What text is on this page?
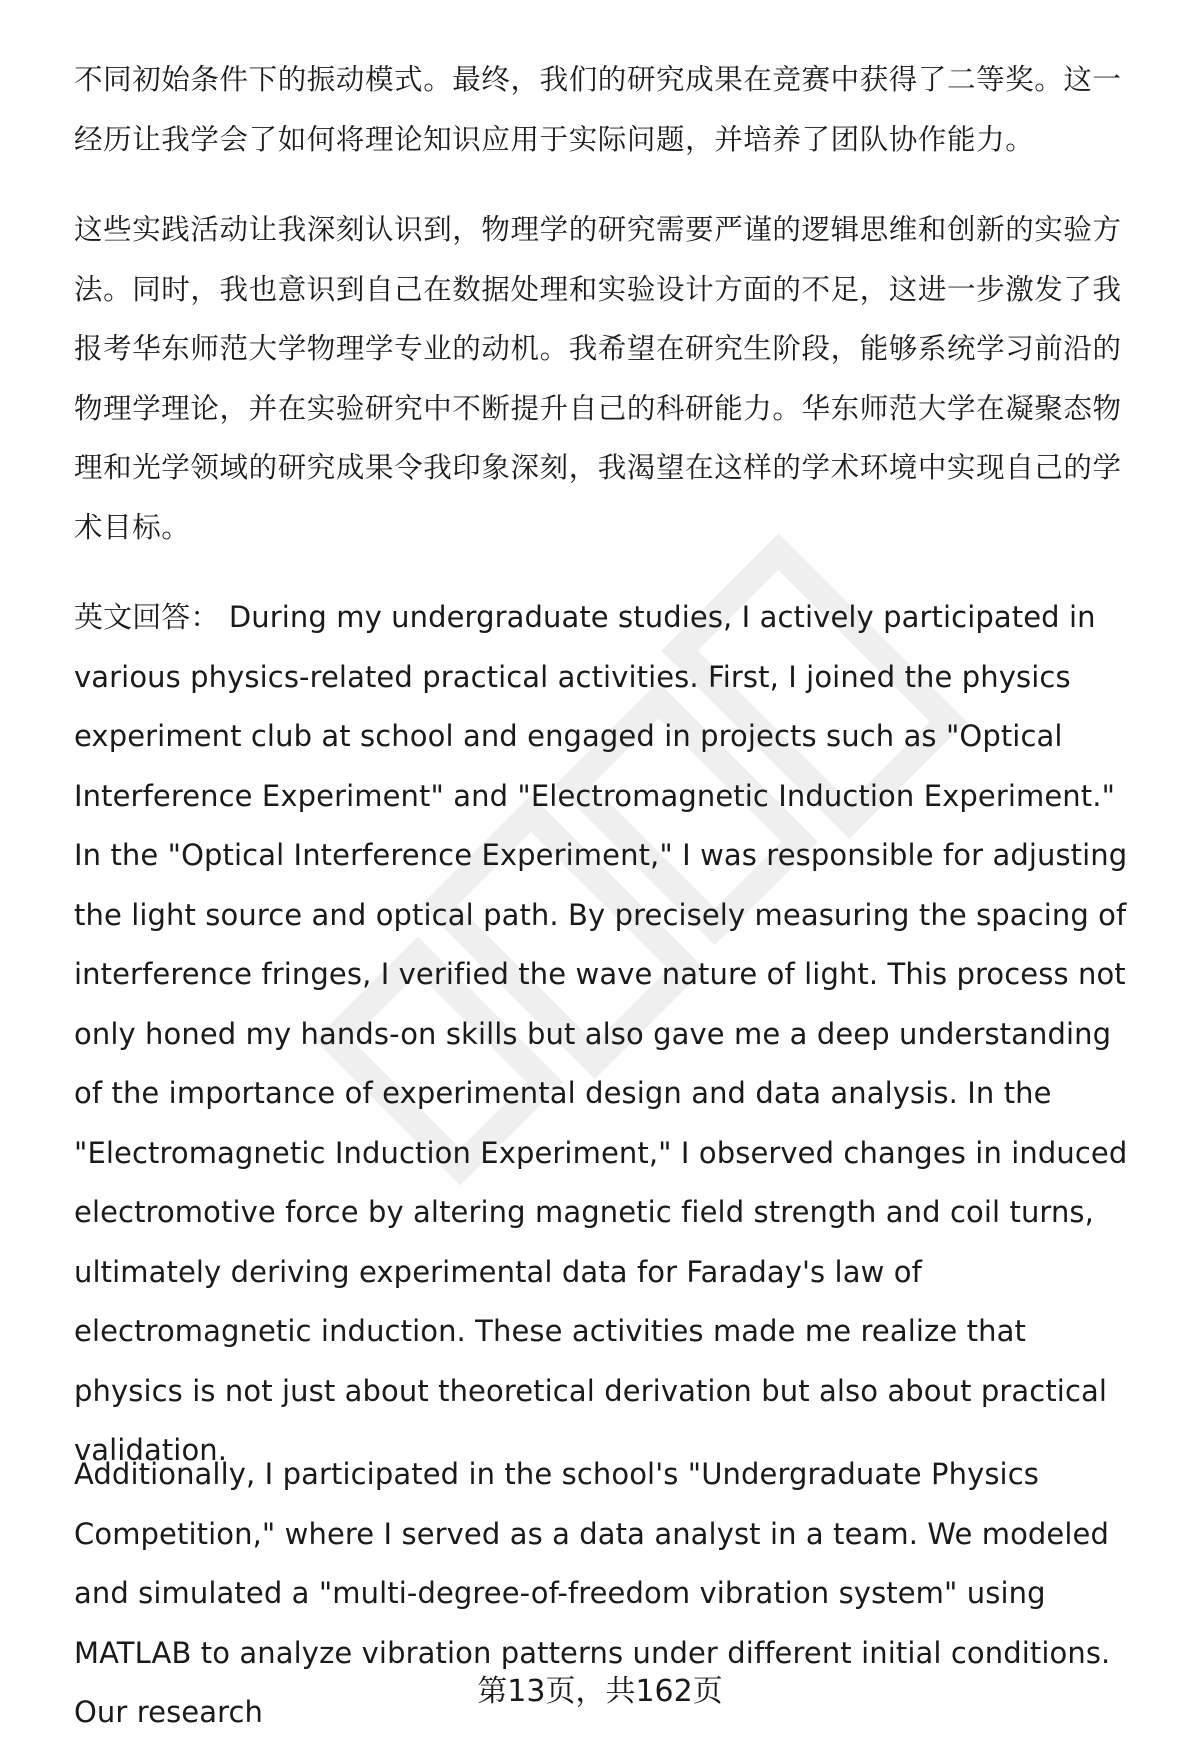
不同初始条件下的振动模式。最终，我们的研究成果在竞赛中获得了二等奖。这一经历让我学会了如何将理论知识应用于实际问题，并培养了团队协作能力。

这些实践活动让我深刻认识到，物理学的研究需要严谨的逻辑思维和创新的实验方法。同时，我也意识到自己在数据处理和实验设计方面的不足，这进一步激发了我报考华东师范大学物理学专业的动机。我希望在研究生阶段，能够系统学习前沿的物理学理论，并在实验研究中不断提升自己的科研能力。华东师范大学在凝聚态物理和光学领域的研究成果令我印象深刻，我渴望在这样的学术环境中实现自己的学术目标。

英文回答： During my undergraduate studies, I actively participated in various physics-related practical activities. First, I joined the physics experiment club at school and engaged in projects such as "Optical Interference Experiment" and "Electromagnetic Induction Experiment." In the "Optical Interference Experiment," I was responsible for adjusting the light source and optical path. By precisely measuring the spacing of interference fringes, I verified the wave nature of light. This process not only honed my hands-on skills but also gave me a deep understanding of the importance of experimental design and data analysis. In the "Electromagnetic Induction Experiment," I observed changes in induced electromotive force by altering magnetic field strength and coil turns, ultimately deriving experimental data for Faraday's law of electromagnetic induction. These activities made me realize that physics is not just about theoretical derivation but also about practical validation.

Additionally, I participated in the school's "Undergraduate Physics Competition," where I served as a data analyst in a team. We modeled and simulated a "multi-degree-of-freedom vibration system" using MATLAB to analyze vibration patterns under different initial conditions. Our research

第13页，共162页
